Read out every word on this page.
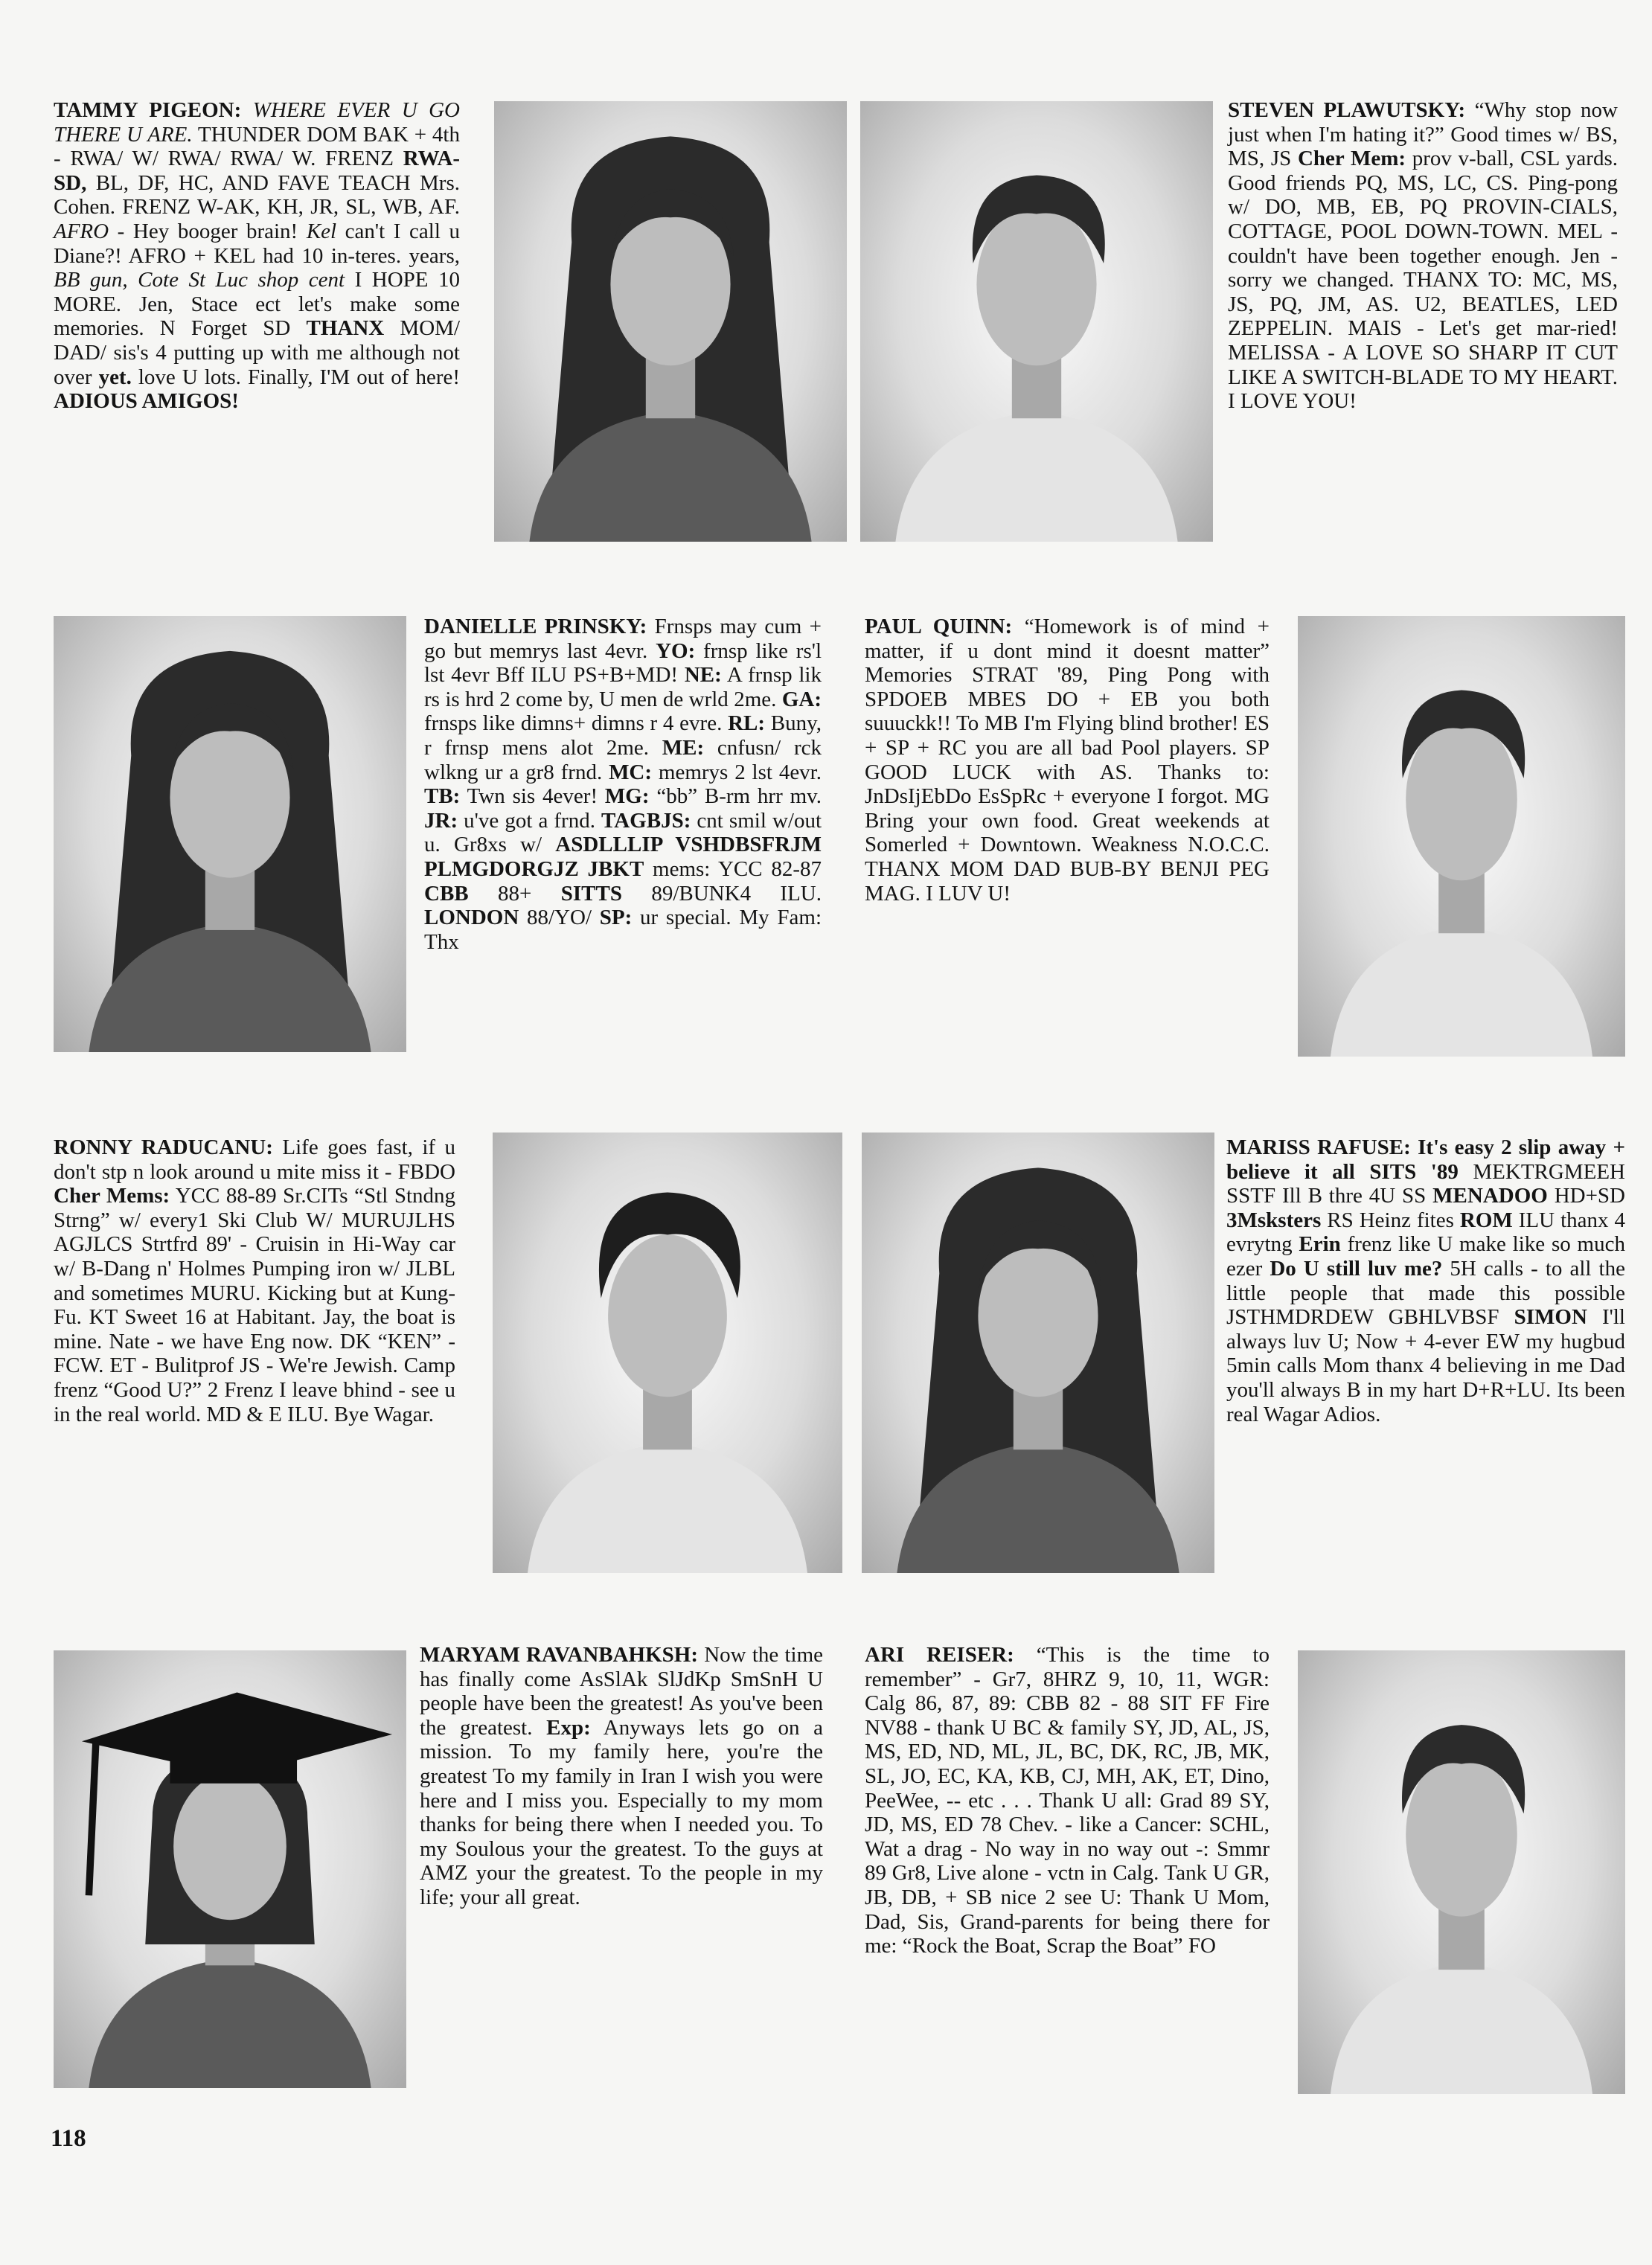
TAMMY PIGEON: WHERE EVER U GO THERE U ARE. THUNDER DOM BAK + 4th - RWA/ W/ RWA/ RWA/ W. FRENZ RWA-SD, BL, DF, HC, AND FAVE TEACH Mrs. Cohen. FRENZ W-AK, KH, JR, SL, WB, AF. AFRO - Hey booger brain! Kel can't I call u Diane?! AFRO + KEL had 10 in-teres. years, BB gun, Cote St Luc shop cent I HOPE 10 MORE. Jen, Stace ect let's make some memories. N Forget SD THANX MOM/ DAD/ sis's 4 putting up with me although not over yet. love U lots. Finally, I'M out of here! ADIOUS AMIGOS!
STEVEN PLAWUTSKY: “Why stop now just when I'm hating it?” Good times w/ BS, MS, JS Cher Mem: prov v-ball, CSL yards. Good friends PQ, MS, LC, CS. Ping-pong w/ DO, MB, EB, PQ PROVIN-CIALS, COTTAGE, POOL DOWN-TOWN. MEL - couldn't have been together enough. Jen - sorry we changed. THANX TO: MC, MS, JS, PQ, JM, AS. U2, BEATLES, LED ZEPPELIN. MAIS - Let's get mar-ried! MELISSA - A LOVE SO SHARP IT CUT LIKE A SWITCH-BLADE TO MY HEART. I LOVE YOU!
DANIELLE PRINSKY: Frnsps may cum + go but memrys last 4evr. YO: frnsp like rs'l lst 4evr Bff ILU PS+B+MD! NE: A frnsp lik rs is hrd 2 come by, U men de wrld 2me. GA: frnsps like dimns+ dimns r 4 evre. RL: Buny, r frnsp mens alot 2me. ME: cnfusn/ rck wlkng ur a gr8 frnd. MC: memrys 2 lst 4evr. TB: Twn sis 4ever! MG: “bb” B-rm hrr mv. JR: u've got a frnd. TAGBJS: cnt smil w/out u. Gr8xs w/ ASDLLLIP VSHDBSFRJM PLMGDORGJZ JBKT mems: YCC 82-87 CBB 88+ SITTS 89/BUNK4 ILU. LONDON 88/YO/ SP: ur special. My Fam: Thx
PAUL QUINN: “Homework is of mind + matter, if u dont mind it doesnt matter” Memories STRAT '89, Ping Pong with SPDOEB MBES DO + EB you both suuuckk!! To MB I'm Flying blind brother! ES + SP + RC you are all bad Pool players. SP GOOD LUCK with AS. Thanks to: JnDsIjEbDo EsSpRc + everyone I forgot. MG Bring your own food. Great weekends at Somerled + Downtown. Weakness N.O.C.C. THANX MOM DAD BUB-BY BENJI PEG MAG. I LUV U!
RONNY RADUCANU: Life goes fast, if u don't stp n look around u mite miss it - FBDO Cher Mems: YCC 88-89 Sr.CITs “Stl Stndng Strng” w/ every1 Ski Club W/ MURUJLHS AGJLCS Strtfrd 89' - Cruisin in Hi-Way car w/ B-Dang n' Holmes Pumping iron w/ JLBL and sometimes MURU. Kicking but at Kung-Fu. KT Sweet 16 at Habitant. Jay, the boat is mine. Nate - we have Eng now. DK “KEN” - FCW. ET - Bulitprof JS - We're Jewish. Camp frenz “Good U?” 2 Frenz I leave bhind - see u in the real world. MD & E ILU. Bye Wagar.
MARISS RAFUSE: It's easy 2 slip away + believe it all SITS '89 MEKTRGMEEH SSTF Ill B thre 4U SS MENADOO HD+SD 3Msksters RS Heinz fites ROM ILU thanx 4 evrytng Erin frenz like U make like so much ezer Do U still luv me? 5H calls - to all the little people that made this possible JSTHMDRDEW GBHLVBSF SIMON I'll always luv U; Now + 4-ever EW my hugbud 5min calls Mom thanx 4 believing in me Dad you'll always B in my hart D+R+LU. Its been real Wagar Adios.
MARYAM RAVANBAHKSH: Now the time has finally come AsSlAk SlJdKp SmSnH U people have been the greatest! As you've been the greatest. Exp: Anyways lets go on a mission. To my family here, you're the greatest To my family in Iran I wish you were here and I miss you. Especially to my mom thanks for being there when I needed you. To my Soulous your the greatest. To the guys at AMZ your the greatest. To the people in my life; your all great.
ARI REISER: “This is the time to remember” - Gr7, 8HRZ 9, 10, 11, WGR: Calg 86, 87, 89: CBB 82 - 88 SIT FF Fire NV88 - thank U BC & family SY, JD, AL, JS, MS, ED, ND, ML, JL, BC, DK, RC, JB, MK, SL, JO, EC, KA, KB, CJ, MH, AK, ET, Dino, PeeWee, -- etc . . . Thank U all: Grad 89 SY, JD, MS, ED 78 Chev. - like a Cancer: SCHL, Wat a drag - No way in no way out -: Smmr 89 Gr8, Live alone - vctn in Calg. Tank U GR, JB, DB, + SB nice 2 see U: Thank U Mom, Dad, Sis, Grand-parents for being there for me: “Rock the Boat, Scrap the Boat” FO
118
